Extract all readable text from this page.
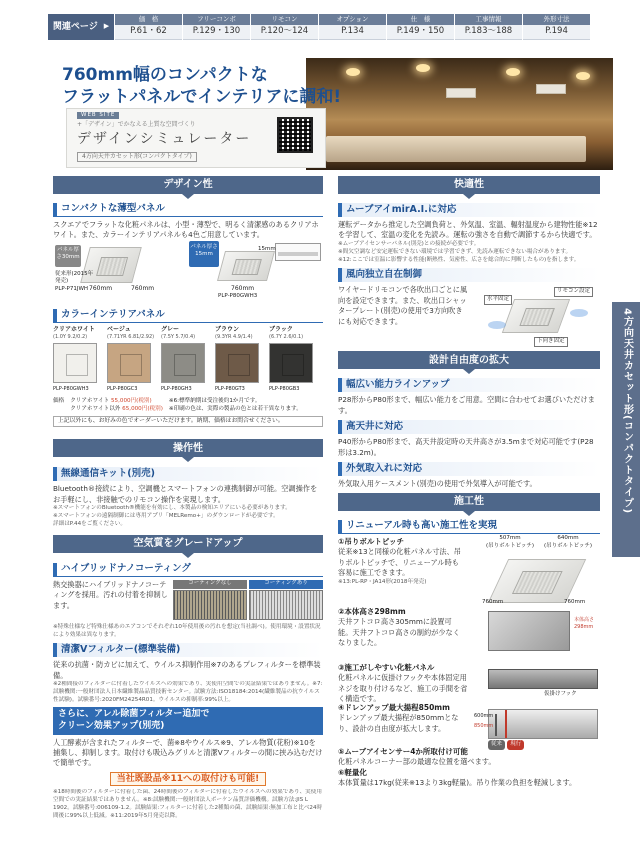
関連ページ ▶
価　格
P.61・62
フリーコンボ
P.129・130
リモコン
P.120〜124
オプション
P.134
仕　様
P.149・150
工事情報
P.183〜188
外形寸法
P.194
760mm幅のコンパクトな
フラットパネルでインテリアに調和!
WEB SITE
+「デザイン」でかなえる上質な空間づくり
デザインシミュレーター
4方向天井カセット形(コンパクトタイプ)
デザイン性
コンパクトな薄型パネル
スクエアでフラットな化粧パネルは、小型・薄型で、明るく清潔感のあるクリアホワイト。また、カラーインテリアパネルも4色ご用意しています。
パネル厚さ30mm
760mm	760mm
従来形(2015年発売)
PLP-P71JWH
パネル厚さ15mm
760mm
PLP-P80GWH3
15mm
カラーインテリアパネル
クリアホワイト
(1.0Y 9.2/0.2)
PLP-P80GWH3
ベージュ
(7.71YR 6.81/2.92)
PLP-P80GC3
グレー
(7.5Y 5.7/0.4)
PLP-P80GH3
ブラウン
(9.3YR 4.9/1.4)
PLP-P80GT3
ブラック
(6.7Y 2.6/0.1)
PLP-P80GB3
価格 クリアホワイト 55,000円(税別)
クリアホワイト以外 65,000円(税別)
※6:標準納期は受注後約1か月です。
※印刷の色は、実際の製品の色とは若干異なります。
上記以外にも、お好みの色でオーダーいただけます。納期、価格はお問合せください。
操作性
無線通信キット(別売)
Bluetooth®接続により、空調機とスマートフォンの連携制御が可能。空調操作をお手軽にし、非接触でのリモコン操作を実現します。
※スマートフォンのBluetooth®機能を有効にし、本製品の検知エリアにいる必要があります。
※スマートフォンの遠隔制御には専用アプリ「MELRemo+」のダウンロードが必要です。
詳細はP.44をご覧ください。
空気質をグレードアップ
ハイブリッドナノコーティング
熱交換器にハイブリッドナノコーティングを採用。汚れの付着を抑制します。
コーティングなし	コーティングあり
※特殊仕様など特殊仕様あのエアコンでそれぞれ10年使用後の汚れを想定(当社調べ)。使用環境・設置状況により効果は異なります。
清潔Vフィルター(標準装備)
従来の抗菌・防カビに加えて、ウイルス抑制作用※7のあるプレフィルターを標準装備。
※2種間接のフィルターに付着したウイルスへの効果であり、実使用空間での実証結果ではありません。※7:試験機関:一般財団法人日本繊維製品品質技術センター。試験方法:ISO18184:2014(繊維製品の抗ウイルス性試験)。試験番号:2020FM24254R01。ウイルスの抑制率:99%以上。
さらに、アレル除菌フィルター追加で
クリーン効果アップ(別売)
人工酵素が含まれたフィルターで、菌※8やウイルス※9、アレル物質(花粉)※10を捕集し、抑制します。取付けも吸込みグリルと清潔Vフィルターの間に挟み込むだけで簡単です。
当社既設品※11への取付けも可能!
※18時間後のフィルターに付着した菌、24時間後のフィルターに付着したウイルスへの効果であり、実使用空間での実証結果ではありません。※8:試験機関:一般財団法人ボーケン品質評価機構。試験方法:JIS L 1902。試験番号:006109-1.2。試験結果:フィルターに付着した2種類の菌、試験結果:無加工布と比べ24時間後に99%以上低減。※11:2019年5月発売以降。
快適性
ムーブアイmirA.I.に対応
運転データから推定した空調負荷と、外気温、室温、輻射温度から建物性能※12を学習して、室温の変化を先読み。運転の強さを自動で調節するから快適です。
※ムーブアイセンサーパネル(別売)との接続が必要です。
※間欠空調など安定運転できない環境では学習できず、先読み運転できない場合があります。
※12:ここでは室温に影響する性能(断熱性、気密性、広さを総合的に判断したもの)を指します。
風向独立自在制御
ワイヤードリモコンで各吹出口ごとに風向を設定できます。また、吹出口シャッタープレート(別売)の使用で3方向吹きにも対応できます。
水平固定
リモコン設定
下向き固定
設計自由度の拡大
幅広い能力ラインアップ
P28形からP80形まで、幅広い能力をご用意。空間に合わせてお選びいただけます。
高天井に対応
P40形からP80形まで、高天井設定時の天井高さが3.5mまで対応可能です(P28形は3.2m)。
外気取入れに対応
外気取入用ケースメント(別売)の使用で外気導入が可能です。
施工性
リニューアル時も高い施工性を実現
①吊りボルトピッチ
従来※13と同様の化粧パネル寸法、吊りボルトピッチで、リニューアル時も容易に施工できます。
※13:PL-RP・JA14形(2018年発売)
507mm
(吊りボルトピッチ)
640mm
(吊りボルトピッチ)
760mm	760mm
②本体高さ298mm
天井フトコロ高さ305mmに設置可能。天井フトコロ高さの制約が少なくなりました。
本体高さ298mm
③施工がしやすい化粧パネル
化粧パネルに仮掛けフックや本体固定用ネジを取り付けるなど、施工の手間を省く構造です。	仮掛けフック
④ドレンアップ最大揚程850mm
ドレンアップ最大揚程が850mmとなり、設計の自由度が拡大します。
600mm
850mm
従来 現行
⑤ムーブアイセンサー4か所取付け可能
化粧パネルコーナー部の最適な位置を選べます。
⑥軽量化
本体質量は17kg(従来※13より3kg軽量)。吊り作業の負担を軽減します。
4方向天井カセット形(コンパクトタイプ)
